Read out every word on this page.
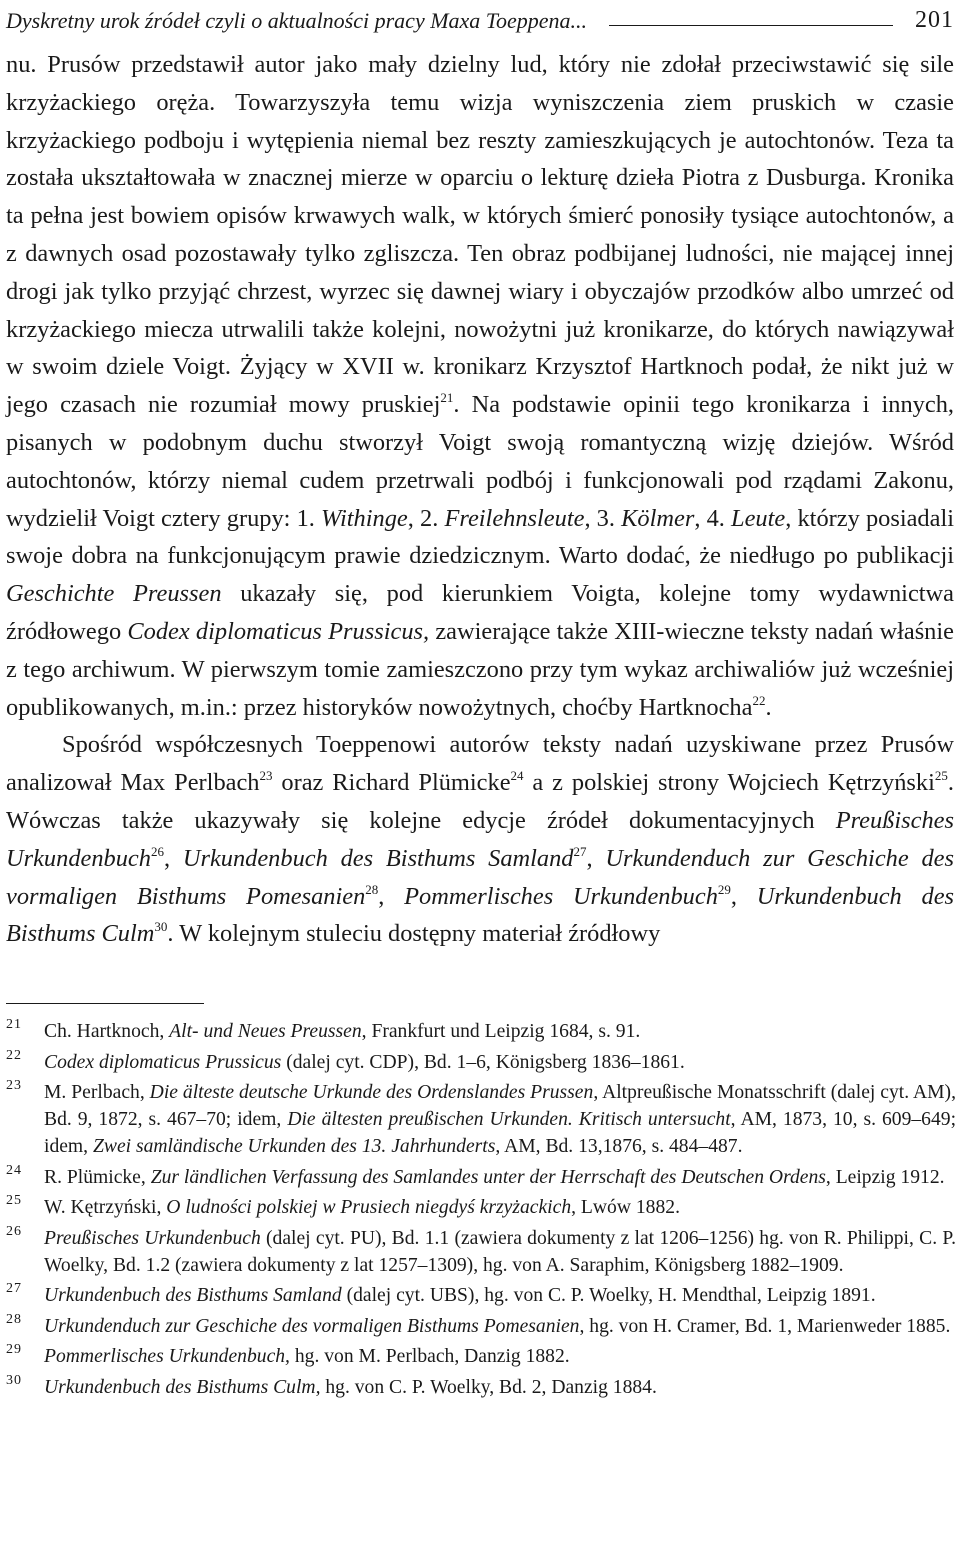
Dyskretny urok źródeł czyli o aktualności pracy Maxa Toeppena...	201

nu. Prusów przedstawił autor jako mały dzielny lud, który nie zdołał przeciwstawić się sile krzyżackiego oręża. Towarzyszyła temu wizja wyniszczenia ziem pruskich w czasie krzyżackiego podboju i wytępienia niemal bez reszty zamieszkujących je autochtonów. Teza ta została ukształtowała w znacznej mierze w oparciu o lekturę dzieła Piotra z Dusburga. Kronika ta pełna jest bowiem opisów krwawych walk, w których śmierć ponosiły tysiące autochtonów, a z dawnych osad pozostawały tylko zgliszcza. Ten obraz podbijanej ludności, nie mającej innej drogi jak tylko przyjąć chrzest, wyrzec się dawnej wiary i obyczajów przodków albo umrzeć od krzyżackiego miecza utrwalili także kolejni, nowożytni już kronikarze, do których nawiązywał w swoim dziele Voigt. Żyjący w XVII w. kronikarz Krzysztof Hartknoch podał, że nikt już w jego czasach nie rozumiał mowy pruskiej$^{21}$. Na podstawie opinii tego kronikarza i innych, pisanych w podobnym duchu stworzył Voigt swoją romantyczną wizję dziejów. Wśród autochtonów, którzy niemal cudem przetrwali podbój i funkcjonowali pod rządami Zakonu, wydzielił Voigt cztery grupy: 1. Withinge, 2. Freilehnsleute, 3. Kölmer, 4. Leute, którzy posiadali swoje dobra na funkcjonującym prawie dziedzicznym. Warto dodać, że niedługo po publikacji Geschichte Preussen ukazały się, pod kierunkiem Voigta, kolejne tomy wydawnictwa źródłowego Codex diplomaticus Prussicus, zawierające także XIII-wieczne teksty nadań właśnie z tego archiwum. W pierwszym tomie zamieszczono przy tym wykaz archiwaliów już wcześniej opublikowanych, m.in.: przez historyków nowożytnych, choćby Hartknocha$^{22}$.

Spośród współczesnych Toeppenowi autorów teksty nadań uzyskiwane przez Prusów analizował Max Perlbach$^{23}$ oraz Richard Plümicke$^{24}$ a z polskiej strony Wojciech Kętrzyński$^{25}$. Wówczas także ukazywały się kolejne edycje źródeł dokumentacyjnych Preußisches Urkundenbuch$^{26}$, Urkundenbuch des Bisthums Samland$^{27}$, Urkundenduch zur Geschiche des vormaligen Bisthums Pomesanien$^{28}$, Pommerlisches Urkundenbuch$^{29}$, Urkundenbuch des Bisthums Culm$^{30}$. W kolejnym stuleciu dostępny materiał źródłowy

21 Ch. Hartknoch, Alt- und Neues Preussen, Frankfurt und Leipzig 1684, s. 91.
22 Codex diplomaticus Prussicus (dalej cyt. CDP), Bd. 1–6, Königsberg 1836–1861.
23 M. Perlbach, Die älteste deutsche Urkunde des Ordenslandes Prussen, Altpreußische Monatsschrift (dalej cyt. AM), Bd. 9, 1872, s. 467–70; idem, Die ältesten preußischen Urkunden. Kritisch untersucht, AM, 1873, 10, s. 609–649; idem, Zwei samländische Urkunden des 13. Jahrhunderts, AM, Bd. 13,1876, s. 484–487.
24 R. Plümicke, Zur ländlichen Verfassung des Samlandes unter der Herrschaft des Deutschen Ordens, Leipzig 1912.
25 W. Kętrzyński, O ludności polskiej w Prusiech niegdyś krzyżackich, Lwów 1882.
26 Preußisches Urkundenbuch (dalej cyt. PU), Bd. 1.1 (zawiera dokumenty z lat 1206–1256) hg. von R. Philippi, C. P. Woelky, Bd. 1.2 (zawiera dokumenty z lat 1257–1309), hg. von A. Saraphim, Königsberg 1882–1909.
27 Urkundenbuch des Bisthums Samland (dalej cyt. UBS), hg. von C. P. Woelky, H. Mendthal, Leipzig 1891.
28 Urkundenduch zur Geschiche des vormaligen Bisthums Pomesanien, hg. von H. Cramer, Bd. 1, Marienweder 1885.
29 Pommerlisches Urkundenbuch, hg. von M. Perlbach, Danzig 1882.
30 Urkundenbuch des Bisthums Culm, hg. von C. P. Woelky, Bd. 2, Danzig 1884.
